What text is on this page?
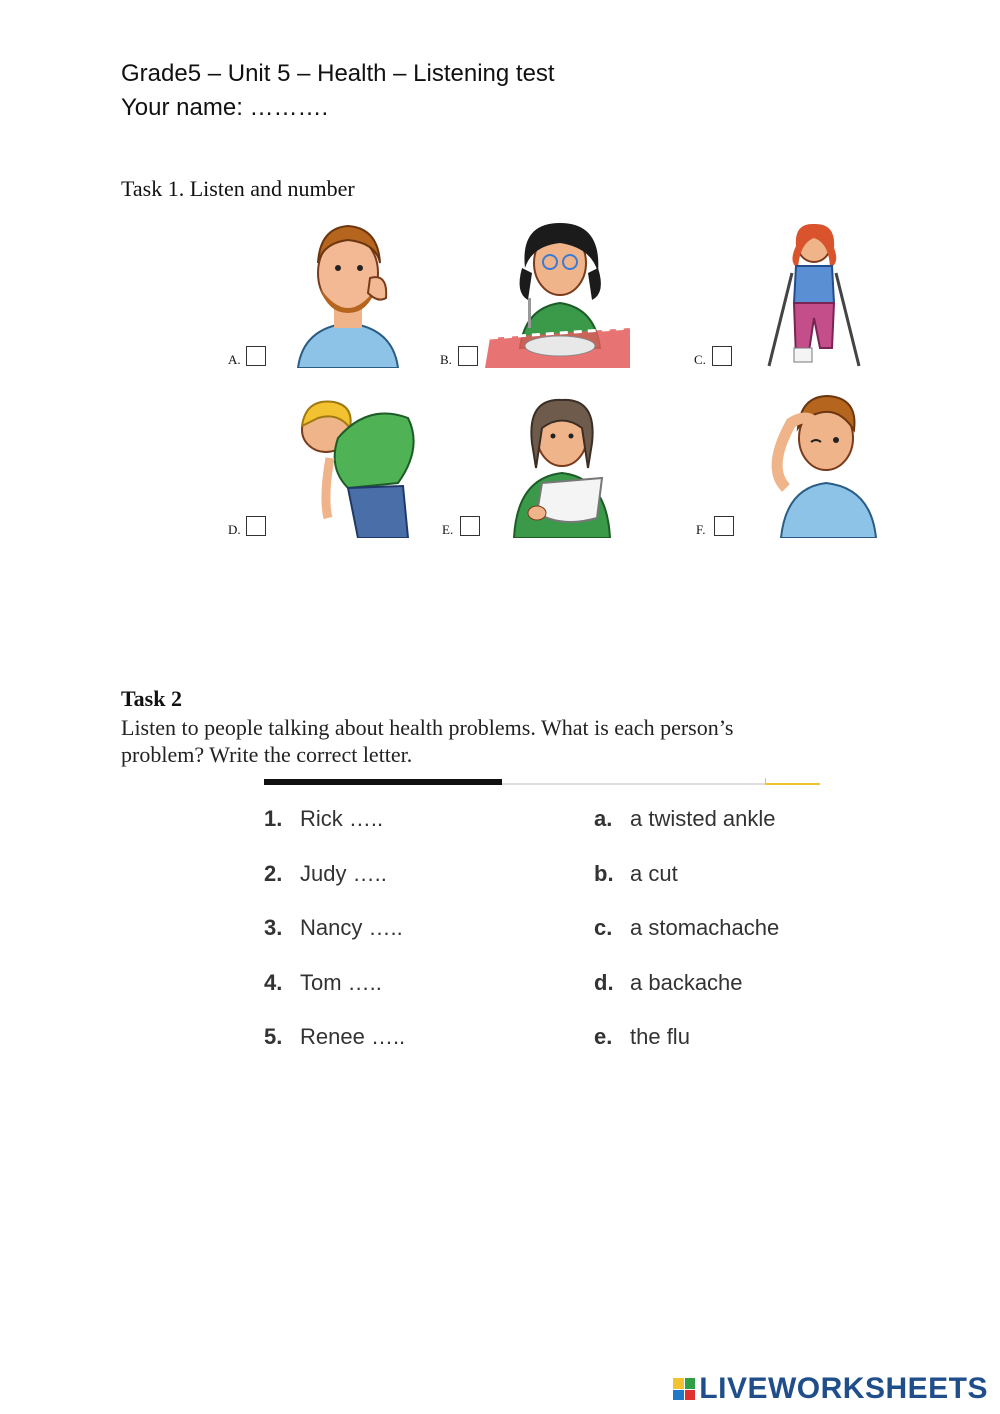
Grade5 – Unit 5 – Health – Listening test
Your name: ……….
Task 1. Listen and number
A.	B.	C.
D.	E.	F.
Task 2
Listen to people talking about health problems. What is each person’s problem? Write the correct letter.
1. Rick …..
2. Judy …..
3. Nancy …..
4. Tom …..
5. Renee …..
a. a twisted ankle
b. a cut
c. a stomachache
d. a backache
e. the flu
LIVEWORKSHEETS
